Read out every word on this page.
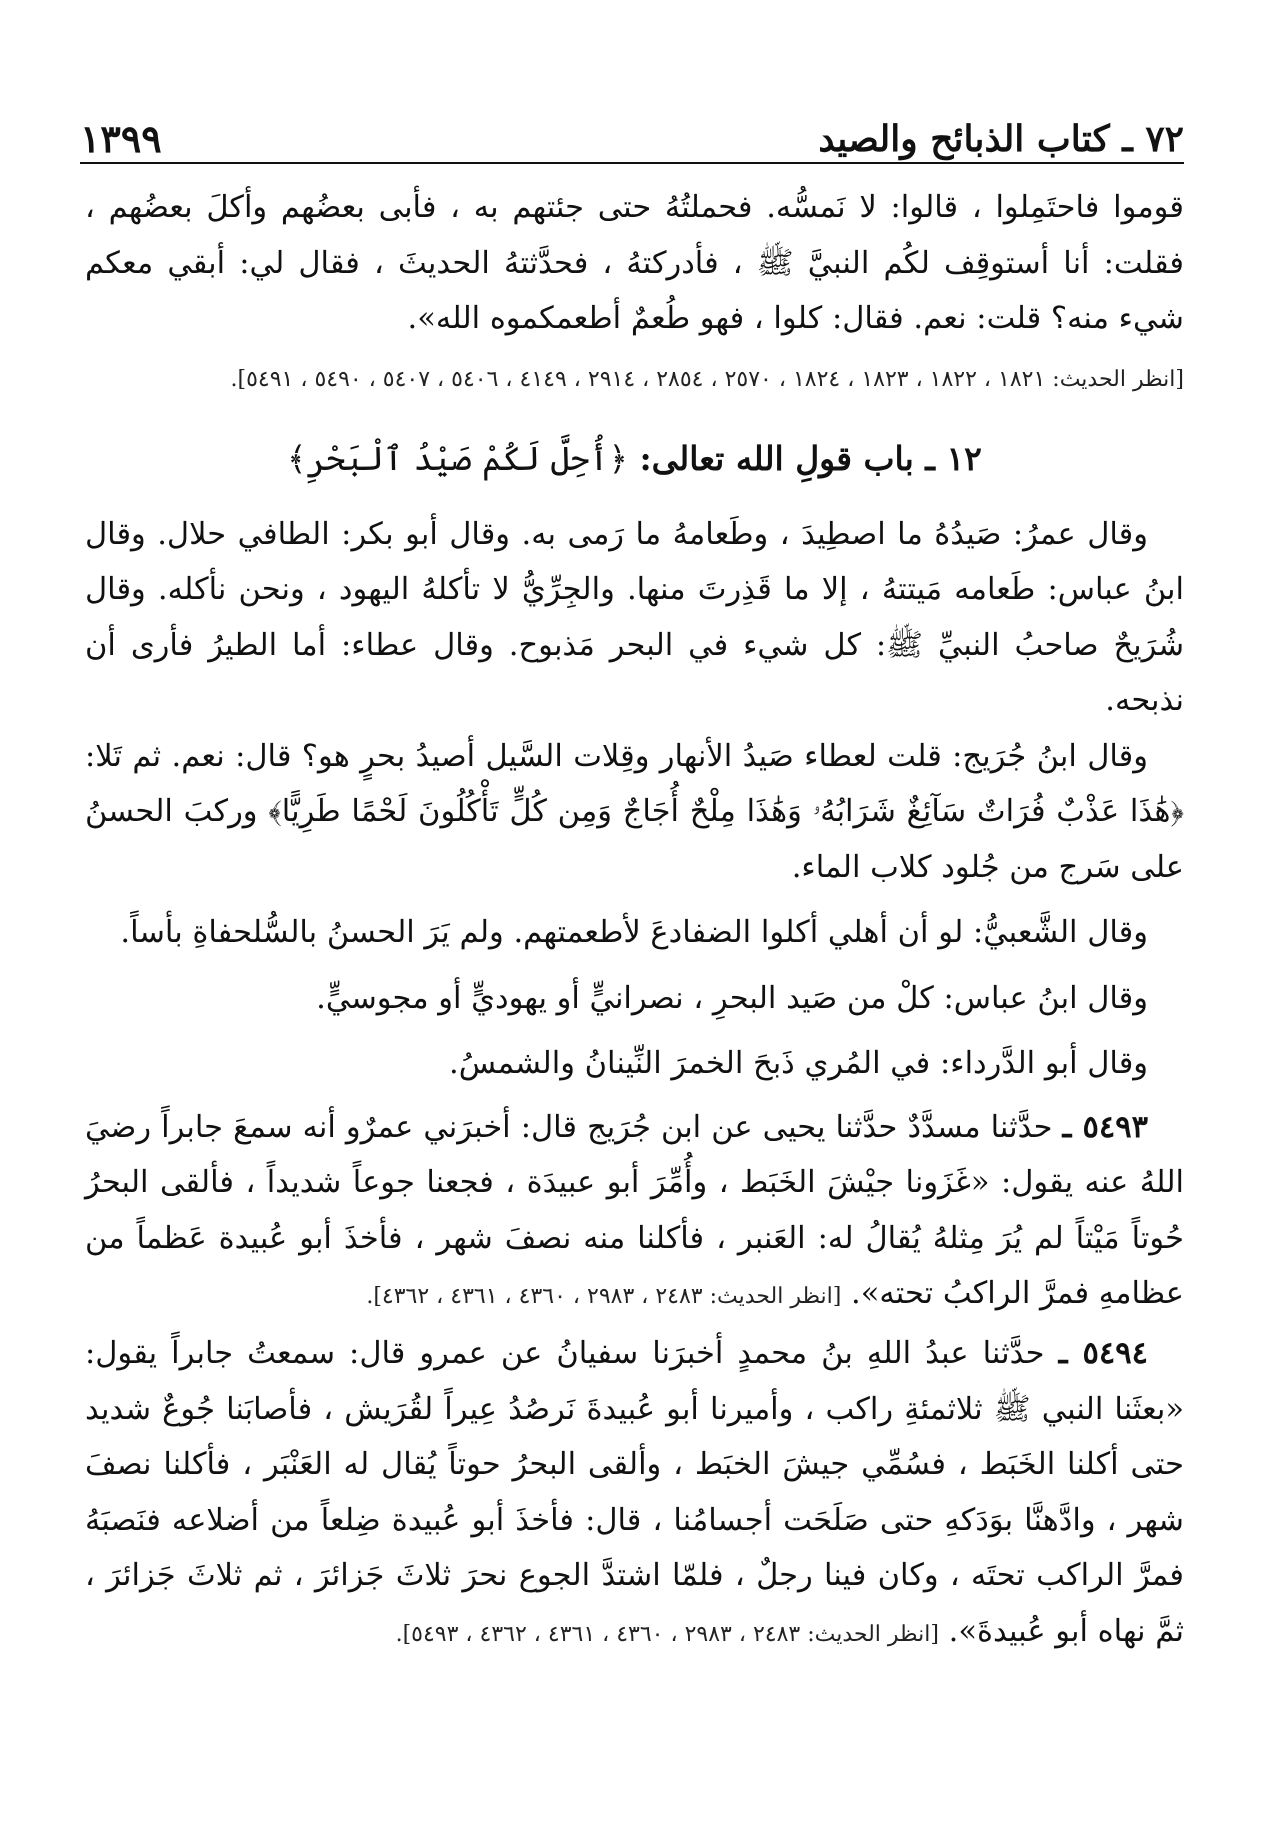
٧٢ ـ كتاب الذبائح والصيد
١٣٩٩

قوموا فاحتَمِلوا ، قالوا: لا نَمسُّه. فحملتُهُ حتى جئتهم به ، فأبى بعضُهم وأكلَ بعضُهم ، فقلت: أنا أستوقِف لكُم النبيَّ ﷺ ، فأدركتهُ ، فحدَّثتهُ الحديثَ ، فقال لي: أبقي معكم شيء منه؟ قلت: نعم. فقال: كلوا ، فهو طُعمٌ أطعمكموه الله».

[انظر الحديث: ١٨٢١ ، ١٨٢٢ ، ١٨٢٣ ، ١٨٢٤ ، ٢٥٧٠ ، ٢٨٥٤ ، ٢٩١٤ ، ٤١٤٩ ، ٥٤٠٦ ، ٥٤٠٧ ، ٥٤٩٠ ، ٥٤٩١].

١٢ ـ باب قولِ الله تعالى: ﴿أُحِلَّ لَكُمْ صَيْدُ ٱلْبَحْرِ﴾

وقال عمرُ: صَيدُهُ ما اصطِيدَ ، وطَعامهُ ما رَمى به. وقال أبو بكر: الطافي حلال. وقال ابنُ عباس: طَعامه مَيتتهُ ، إلا ما قَذِرتَ منها. والجِرِّيُّ لا تأكلهُ اليهود ، ونحن نأكله. وقال شُرَيحٌ صاحبُ النبيِّ ﷺ: كل شيء في البحر مَذبوح. وقال عطاء: أما الطيرُ فأرى أن نذبحه.

وقال ابنُ جُرَيج: قلت لعطاء صَيدُ الأنهار وقِلات السَّيل أصيدُ بحرٍ هو؟ قال: نعم. ثم تَلا: ﴿هَٰذَا عَذْبٌ فُرَاتٌ سَآئِغٌ شَرَابُهُۥ وَهَٰذَا مِلْحٌ أُجَاجٌ وَمِن كُلٍّ تَأْكُلُونَ لَحْمًا طَرِيًّا﴾ وركبَ الحسنُ على سَرج من جُلود كلاب الماء.

وقال الشَّعبيُّ: لو أن أهلي أكلوا الضفادعَ لأطعمتهم. ولم يَرَ الحسنُ بالسُّلحفاةِ بأساً.

وقال ابنُ عباس: كلْ من صَيد البحرِ ، نصرانيٍّ أو يهوديٍّ أو مجوسيٍّ.

وقال أبو الدَّرداء: في المُري ذَبحَ الخمرَ النِّينانُ والشمسُ.

٥٤٩٣ ـ حدَّثنا مسدَّدٌ حدَّثنا يحيى عن ابن جُرَيج قال: أخبرَني عمرٌو أنه سمعَ جابراً رضيَ اللهُ عنه يقول: «غَزَونا جيْشَ الخَبَط ، وأُمِّرَ أبو عبيدَة ، فجعنا جوعاً شديداً ، فألقى البحرُ حُوتاً مَيْتاً لم يُرَ مِثلهُ يُقالُ له: العَنبر ، فأكلنا منه نصفَ شهر ، فأخذَ أبو عُبيدة عَظماً من عظامهِ فمرَّ الراكبُ تحته». [انظر الحديث: ٢٤٨٣ ، ٢٩٨٣ ، ٤٣٦٠ ، ٤٣٦١ ، ٤٣٦٢].

٥٤٩٤ ـ حدَّثنا عبدُ اللهِ بنُ محمدٍ أخبرَنا سفيانُ عن عمرو قال: سمعتُ جابراً يقول: «بعثَنا النبي ﷺ ثلاثمئةِ راكب ، وأميرنا أبو عُبيدةَ نَرصُدُ عِيراً لقُرَيش ، فأصابَنا جُوعٌ شديد حتى أكلنا الخَبَط ، فسُمِّي جيشَ الخبَط ، وألقى البحرُ حوتاً يُقال له العَنْبَر ، فأكلنا نصفَ شهر ، وادَّهنَّا بوَدَكهِ حتى صَلَحَت أجسامُنا ، قال: فأخذَ أبو عُبيدة ضِلعاً من أضلاعه فنَصبَهُ فمرَّ الراكب تحتَه ، وكان فينا رجلٌ ، فلمّا اشتدَّ الجوع نحرَ ثلاثَ جَزائرَ ، ثم ثلاثَ جَزائرَ ، ثمَّ نهاه أبو عُبيدةَ». [انظر الحديث: ٢٤٨٣ ، ٢٩٨٣ ، ٤٣٦٠ ، ٤٣٦١ ، ٤٣٦٢ ، ٥٤٩٣].
